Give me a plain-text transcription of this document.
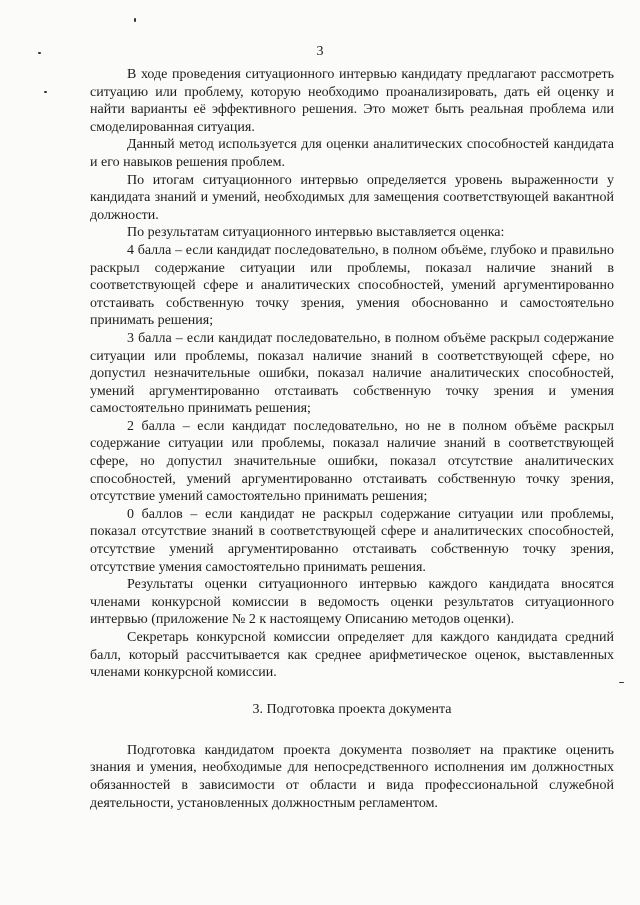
3

В ходе проведения ситуационного интервью кандидату предлагают рассмотреть ситуацию или проблему, которую необходимо проанализировать, дать ей оценку и найти варианты её эффективного решения. Это может быть реальная проблема или смоделированная ситуация.

Данный метод используется для оценки аналитических способностей кандидата и его навыков решения проблем.

По итогам ситуационного интервью определяется уровень выраженности у кандидата знаний и умений, необходимых для замещения соответствующей вакантной должности.

По результатам ситуационного интервью выставляется оценка:

4 балла – если кандидат последовательно, в полном объёме, глубоко и правильно раскрыл содержание ситуации или проблемы, показал наличие знаний в соответствующей сфере и аналитических способностей, умений аргументированно отстаивать собственную точку зрения, умения обоснованно и самостоятельно принимать решения;

3 балла – если кандидат последовательно, в полном объёме раскрыл содержание ситуации или проблемы, показал наличие знаний в соответствующей сфере, но допустил незначительные ошибки, показал наличие аналитических способностей, умений аргументированно отстаивать собственную точку зрения и умения самостоятельно принимать решения;

2 балла – если кандидат последовательно, но не в полном объёме раскрыл содержание ситуации или проблемы, показал наличие знаний в соответствующей сфере, но допустил значительные ошибки, показал отсутствие аналитических способностей, умений аргументированно отстаивать собственную точку зрения, отсутствие умений самостоятельно принимать решения;

0 баллов – если кандидат не раскрыл содержание ситуации или проблемы, показал отсутствие знаний в соответствующей сфере и аналитических способностей, отсутствие умений аргументированно отстаивать собственную точку зрения, отсутствие умения самостоятельно принимать решения.

Результаты оценки ситуационного интервью каждого кандидата вносятся членами конкурсной комиссии в ведомость оценки результатов ситуационного интервью (приложение № 2 к настоящему Описанию методов оценки).

Секретарь конкурсной комиссии определяет для каждого кандидата средний балл, который рассчитывается как среднее арифметическое оценок, выставленных членами конкурсной комиссии.

3. Подготовка проекта документа

Подготовка кандидатом проекта документа позволяет на практике оценить знания и умения, необходимые для непосредственного исполнения им должностных обязанностей в зависимости от области и вида профессиональной служебной деятельности, установленных должностным регламентом.
